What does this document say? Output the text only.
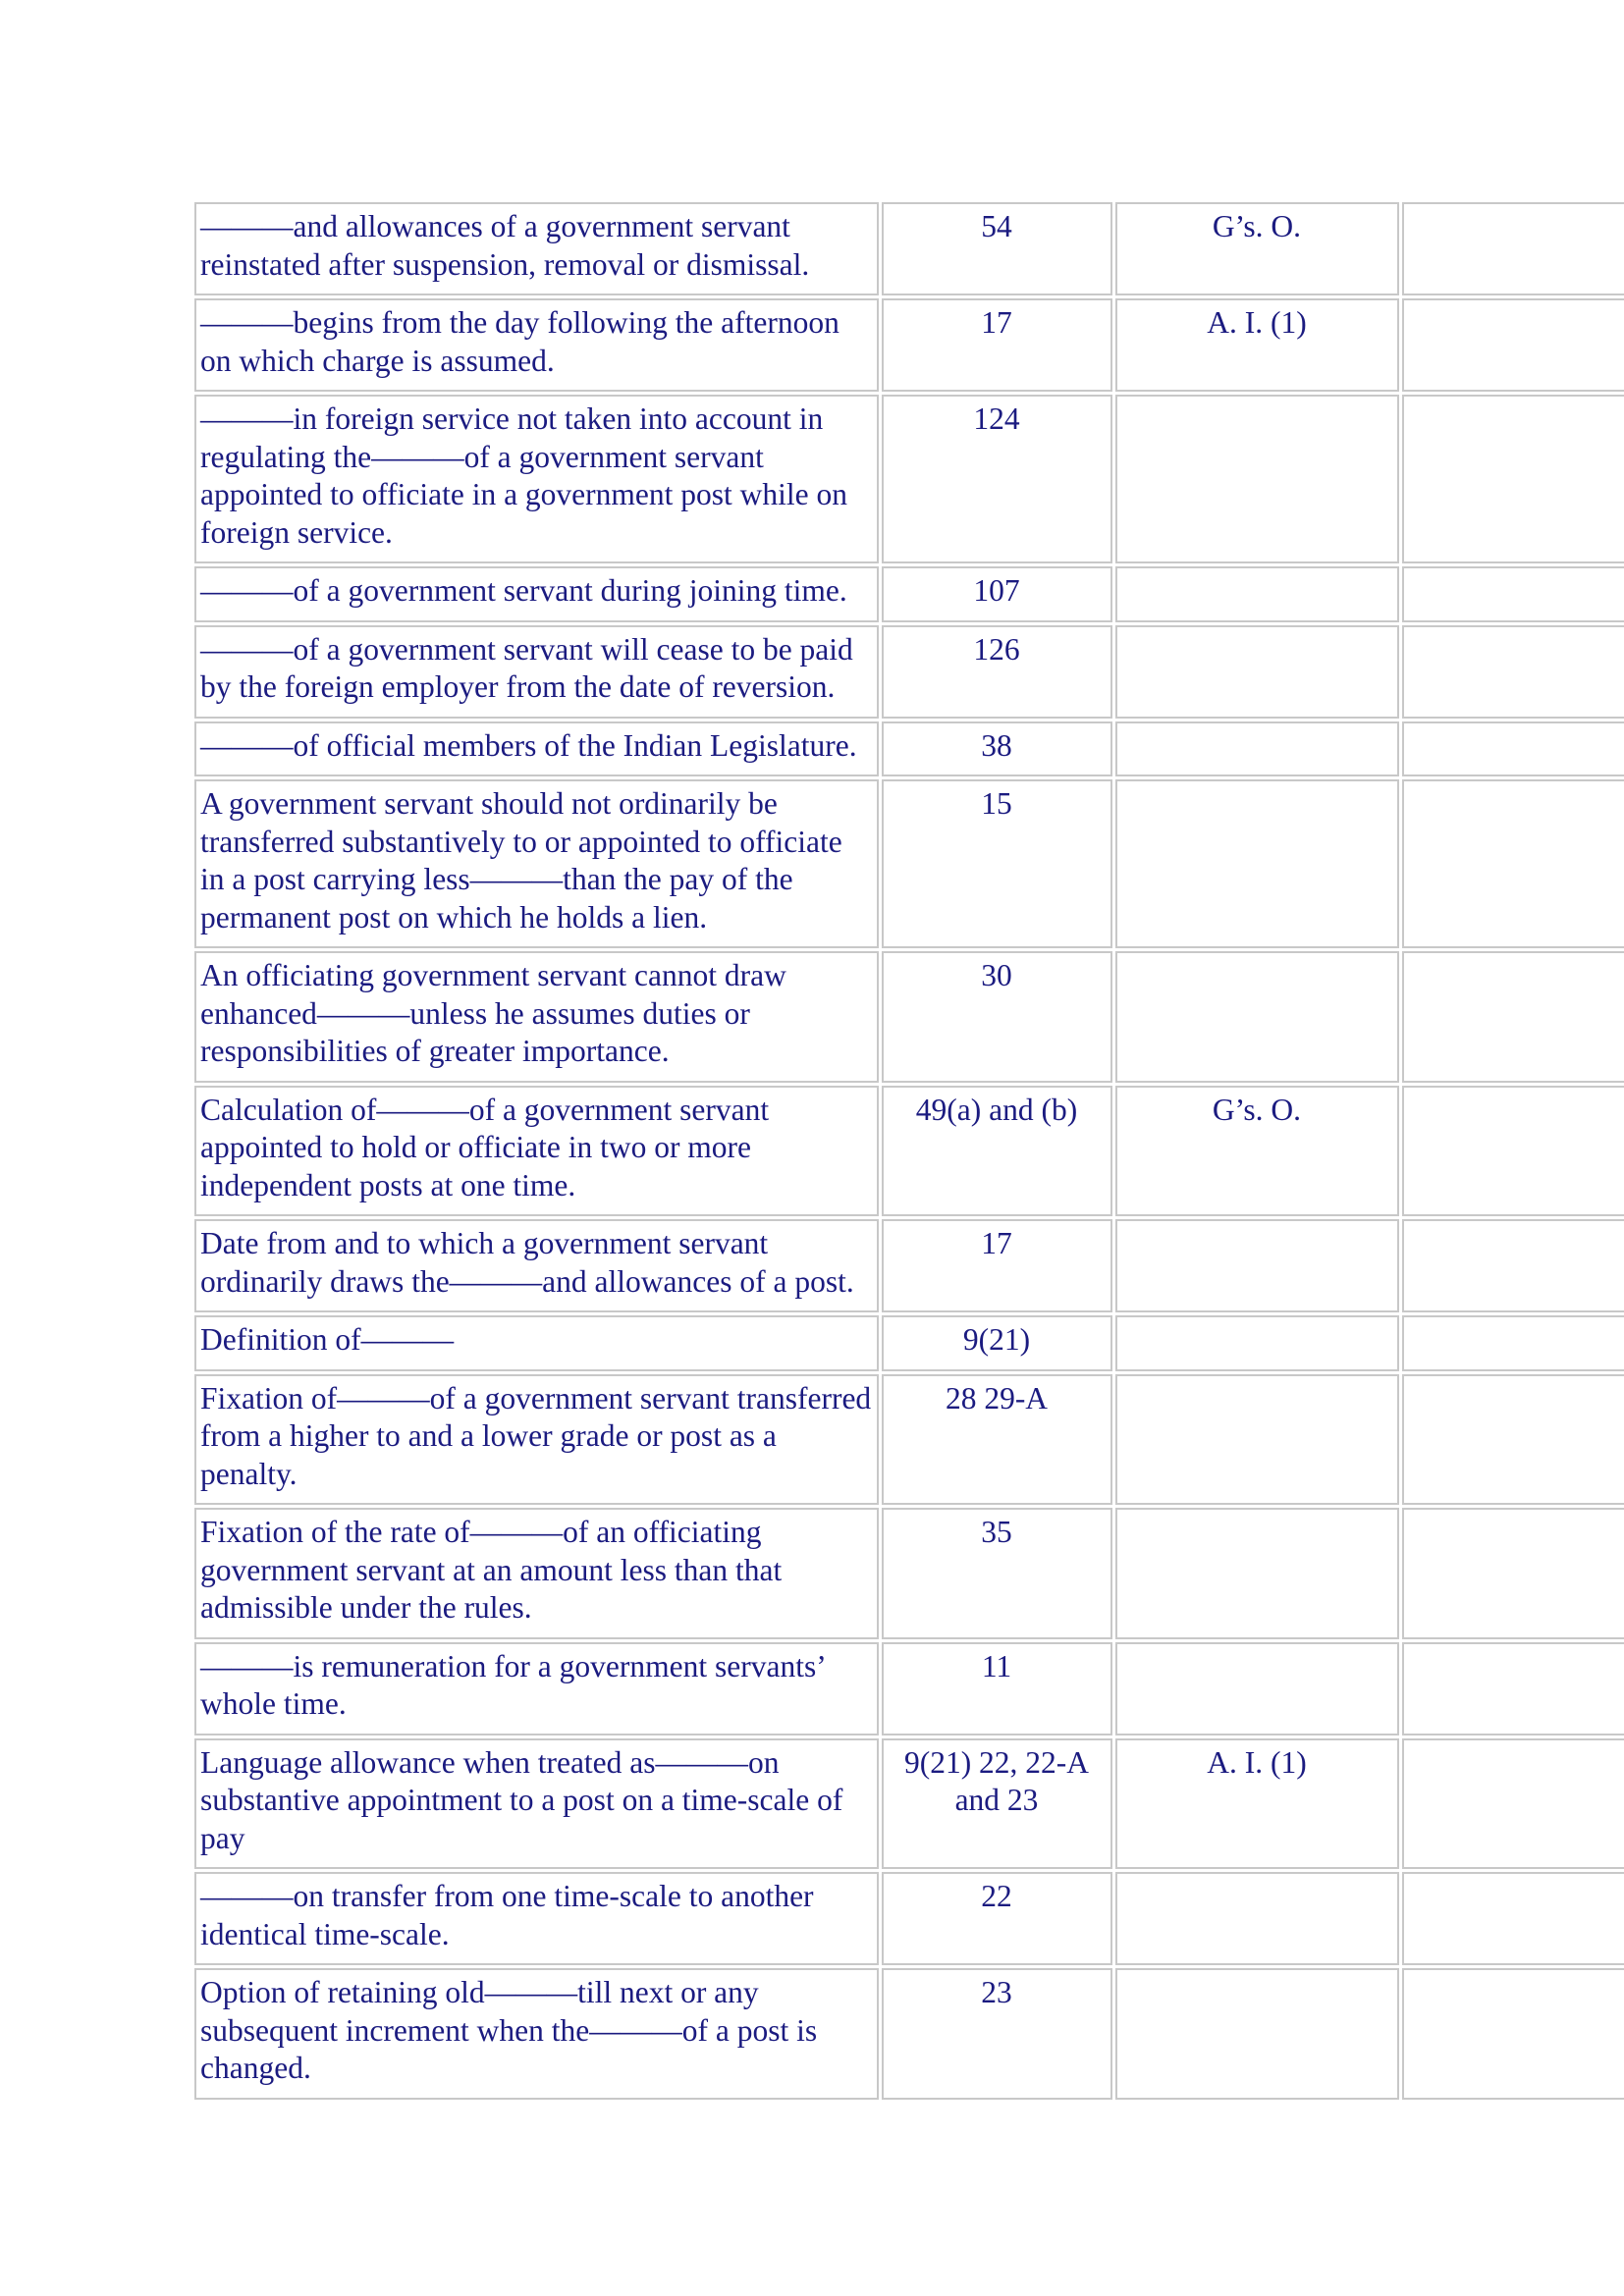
———and allowances of a government servant reinstated after suspension, removal or dismissal.	54	G’s. O.	
———begins from the day following the afternoon on which charge is assumed.	17	A. I. (1)	
———in foreign service not taken into account in regulating the———of a government servant appointed to officiate in a government post while on foreign service.	124		
———of a government servant during joining time.	107		
———of a government servant will cease to be paid by the foreign employer from the date of reversion.	126		
———of official members of the Indian Legislature.	38		
A government servant should not ordinarily be transferred substantively to or appointed to officiate in a post carrying less———than the pay of the permanent post on which he holds a lien.	15		
An officiating government servant cannot draw enhanced———unless he assumes duties or responsibilities of greater importance.	30		
Calculation of———of a government servant appointed to hold or officiate in two or more independent posts at one time.	49(a) and (b)	G’s. O.	
Date from and to which a government servant ordinarily draws the———and allowances of a post.	17		
Definition of———	9(21)		
Fixation of———of a government servant transferred from a higher to and a lower grade or post as a penalty.	28 29-A		
Fixation of the rate of———of an officiating government servant at an amount less than that admissible under the rules.	35		
———is remuneration for a government servants’ whole time.	11		
Language allowance when treated as———on substantive appointment to a post on a time-scale of pay	9(21) 22, 22-A and 23	A. I. (1)	
———on transfer from one time-scale to another identical time-scale.	22		
Option of retaining old———till next or any subsequent increment when the———of a post is changed.	23		
